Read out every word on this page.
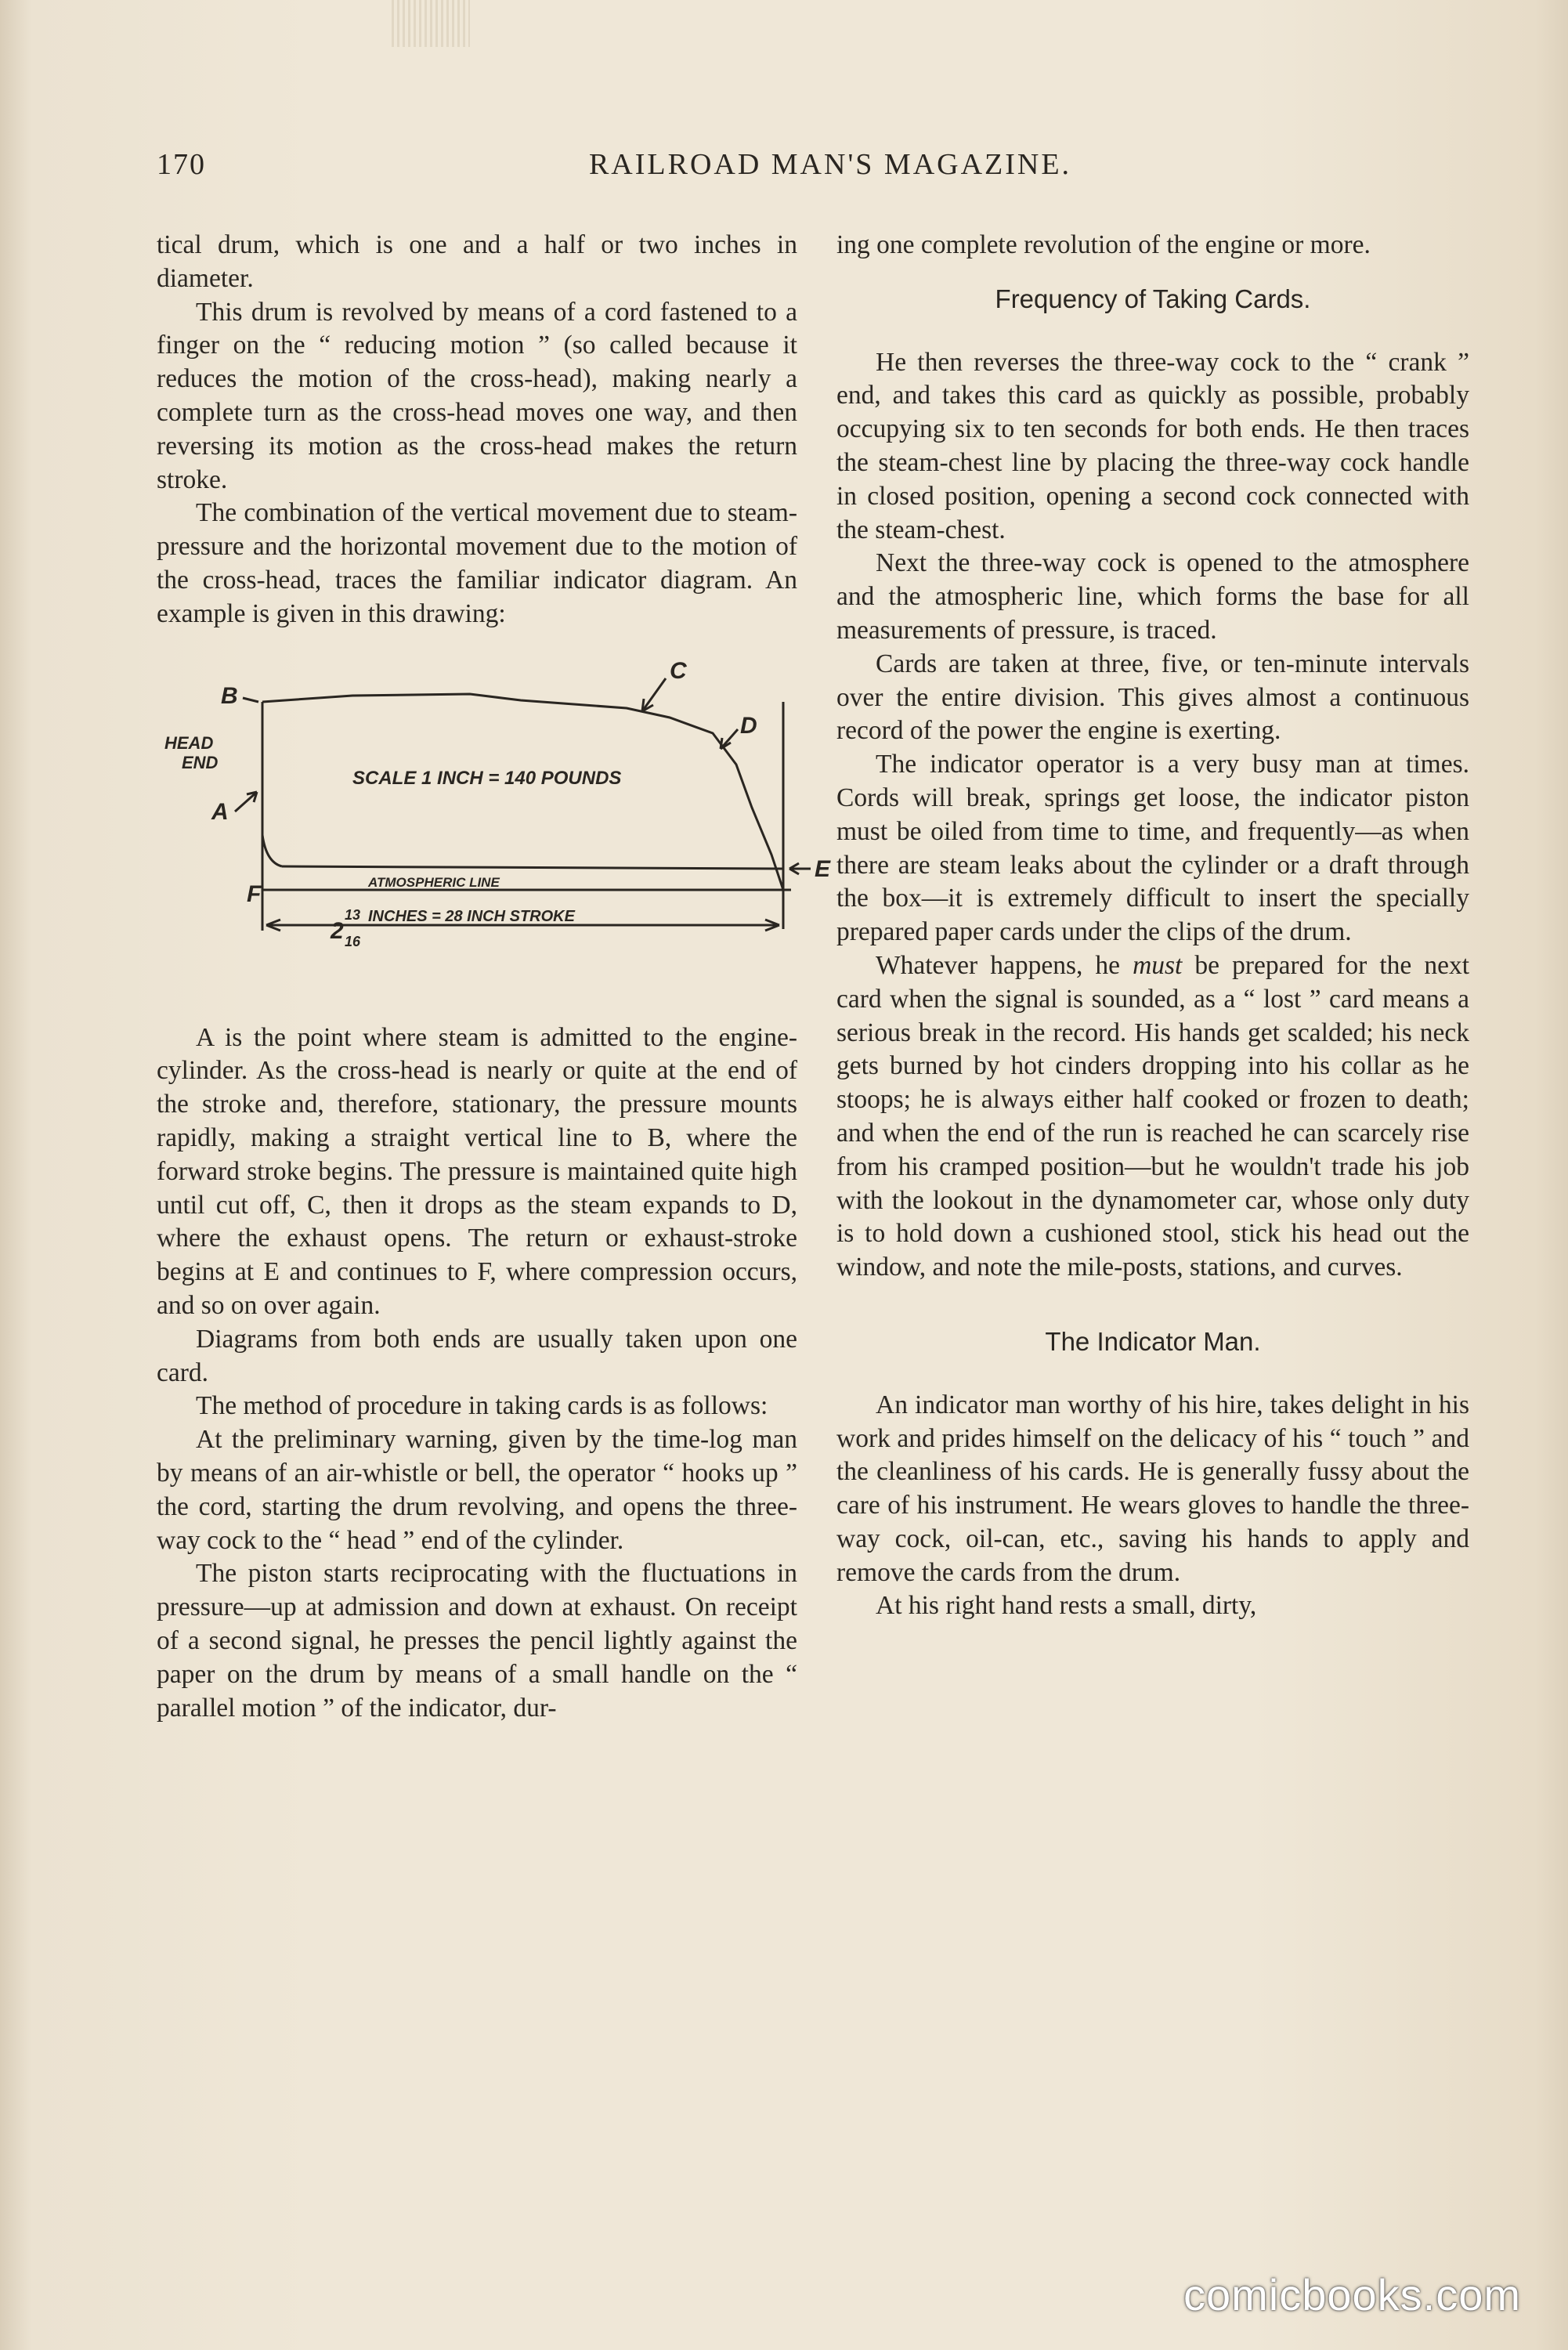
170	RAILROAD MAN'S MAGAZINE.

tical drum, which is one and a half or two inches in diameter.

This drum is revolved by means of a cord fastened to a finger on the “ reducing motion ” (so called because it reduces the motion of the cross-head), making nearly a complete turn as the cross-head moves one way, and then reversing its motion as the cross-head makes the return stroke.

The combination of the vertical movement due to steam-pressure and the horizontal movement due to the motion of the cross-head, traces the familiar indicator diagram. An example is given in this drawing:

B
C
D
A
E
F
HEAD
END
SCALE 1 INCH = 140 POUNDS
ATMOSPHERIC LINE
2
13
16
INCHES = 28 INCH STROKE

A is the point where steam is admitted to the engine-cylinder. As the cross-head is nearly or quite at the end of the stroke and, therefore, stationary, the pressure mounts rapidly, making a straight vertical line to B, where the forward stroke begins. The pressure is maintained quite high until cut off, C, then it drops as the steam expands to D, where the exhaust opens. The return or exhaust-stroke begins at E and continues to F, where compression occurs, and so on over again.

Diagrams from both ends are usually taken upon one card.

The method of procedure in taking cards is as follows:

At the preliminary warning, given by the time-log man by means of an air-whistle or bell, the operator “ hooks up ” the cord, starting the drum revolving, and opens the three-way cock to the “ head ” end of the cylinder.

The piston starts reciprocating with the fluctuations in pressure—up at admission and down at exhaust. On receipt of a second signal, he presses the pencil lightly against the paper on the drum by means of a small handle on the “ parallel motion ” of the indicator, dur-

ing one complete revolution of the engine or more.

Frequency of Taking Cards.

He then reverses the three-way cock to the “ crank ” end, and takes this card as quickly as possible, probably occupying six to ten seconds for both ends. He then traces the steam-chest line by placing the three-way cock handle in closed position, opening a second cock connected with the steam-chest.

Next the three-way cock is opened to the atmosphere and the atmospheric line, which forms the base for all measurements of pressure, is traced.

Cards are taken at three, five, or ten-minute intervals over the entire division. This gives almost a continuous record of the power the engine is exerting.

The indicator operator is a very busy man at times. Cords will break, springs get loose, the indicator piston must be oiled from time to time, and frequently—as when there are steam leaks about the cylinder or a draft through the box—it is extremely difficult to insert the specially prepared paper cards under the clips of the drum.

Whatever happens, he must be prepared for the next card when the signal is sounded, as a “ lost ” card means a serious break in the record. His hands get scalded; his neck gets burned by hot cinders dropping into his collar as he stoops; he is always either half cooked or frozen to death; and when the end of the run is reached he can scarcely rise from his cramped position—but he wouldn't trade his job with the lookout in the dynamometer car, whose only duty is to hold down a cushioned stool, stick his head out the window, and note the mile-posts, stations, and curves.

The Indicator Man.

An indicator man worthy of his hire, takes delight in his work and prides himself on the delicacy of his “ touch ” and the cleanliness of his cards. He is generally fussy about the care of his instrument. He wears gloves to handle the three-way cock, oil-can, etc., saving his hands to apply and remove the cards from the drum.

At his right hand rests a small, dirty,

comicbooks.com
